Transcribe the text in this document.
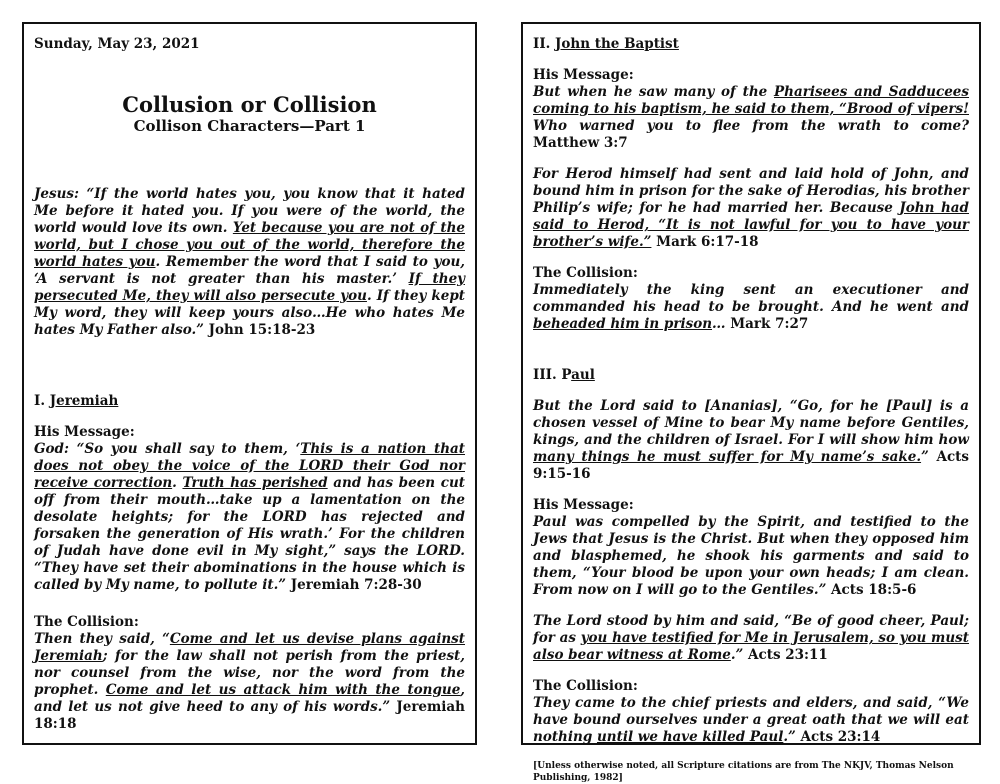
Sunday, May 23, 2021

Collusion or Collision
Collison Characters—Part 1

Jesus: “If the world hates you, you know that it hated Me before it hated you. If you were of the world, the world would love its own. Yet because you are not of the world, but I chose you out of the world, therefore the world hates you. Remember the word that I said to you, ‘A servant is not greater than his master.’ If they persecuted Me, they will also persecute you. If they kept My word, they will keep yours also…He who hates Me hates My Father also.” John 15:18-23

I. Jeremiah

His Message:

God: “So you shall say to them, ‘This is a nation that does not obey the voice of the LORD their God nor receive correction. Truth has perished and has been cut off from their mouth…take up a lamentation on the desolate heights; for the LORD has rejected and forsaken the generation of His wrath.’ For the children of Judah have done evil in My sight,” says the LORD. “They have set their abominations in the house which is called by My name, to pollute it.” Jeremiah 7:28-30

The Collision:

Then they said, “Come and let us devise plans against Jeremiah; for the law shall not perish from the priest, nor counsel from the wise, nor the word from the prophet. Come and let us attack him with the tongue, and let us not give heed to any of his words.” Jeremiah 18:18

II. John the Baptist

His Message:

But when he saw many of the Pharisees and Sadducees coming to his baptism, he said to them, “Brood of vipers! Who warned you to flee from the wrath to come? Matthew 3:7

For Herod himself had sent and laid hold of John, and bound him in prison for the sake of Herodias, his brother Philip’s wife; for he had married her. Because John had said to Herod, “It is not lawful for you to have your brother’s wife.” Mark 6:17-18

The Collision:

Immediately the king sent an executioner and commanded his head to be brought. And he went and beheaded him in prison… Mark 7:27

III. Paul

But the Lord said to [Ananias], “Go, for he [Paul] is a chosen vessel of Mine to bear My name before Gentiles, kings, and the children of Israel. For I will show him how many things he must suffer for My name’s sake.” Acts 9:15-16

His Message:

Paul was compelled by the Spirit, and testified to the Jews that Jesus is the Christ. But when they opposed him and blasphemed, he shook his garments and said to them, “Your blood be upon your own heads; I am clean. From now on I will go to the Gentiles.” Acts 18:5-6

The Lord stood by him and said, “Be of good cheer, Paul; for as you have testified for Me in Jerusalem, so you must also bear witness at Rome.” Acts 23:11

The Collision:

They came to the chief priests and elders, and said, “We have bound ourselves under a great oath that we will eat nothing until we have killed Paul.” Acts 23:14

[Unless otherwise noted, all Scripture citations are from The NKJV, Thomas Nelson Publishing, 1982]
